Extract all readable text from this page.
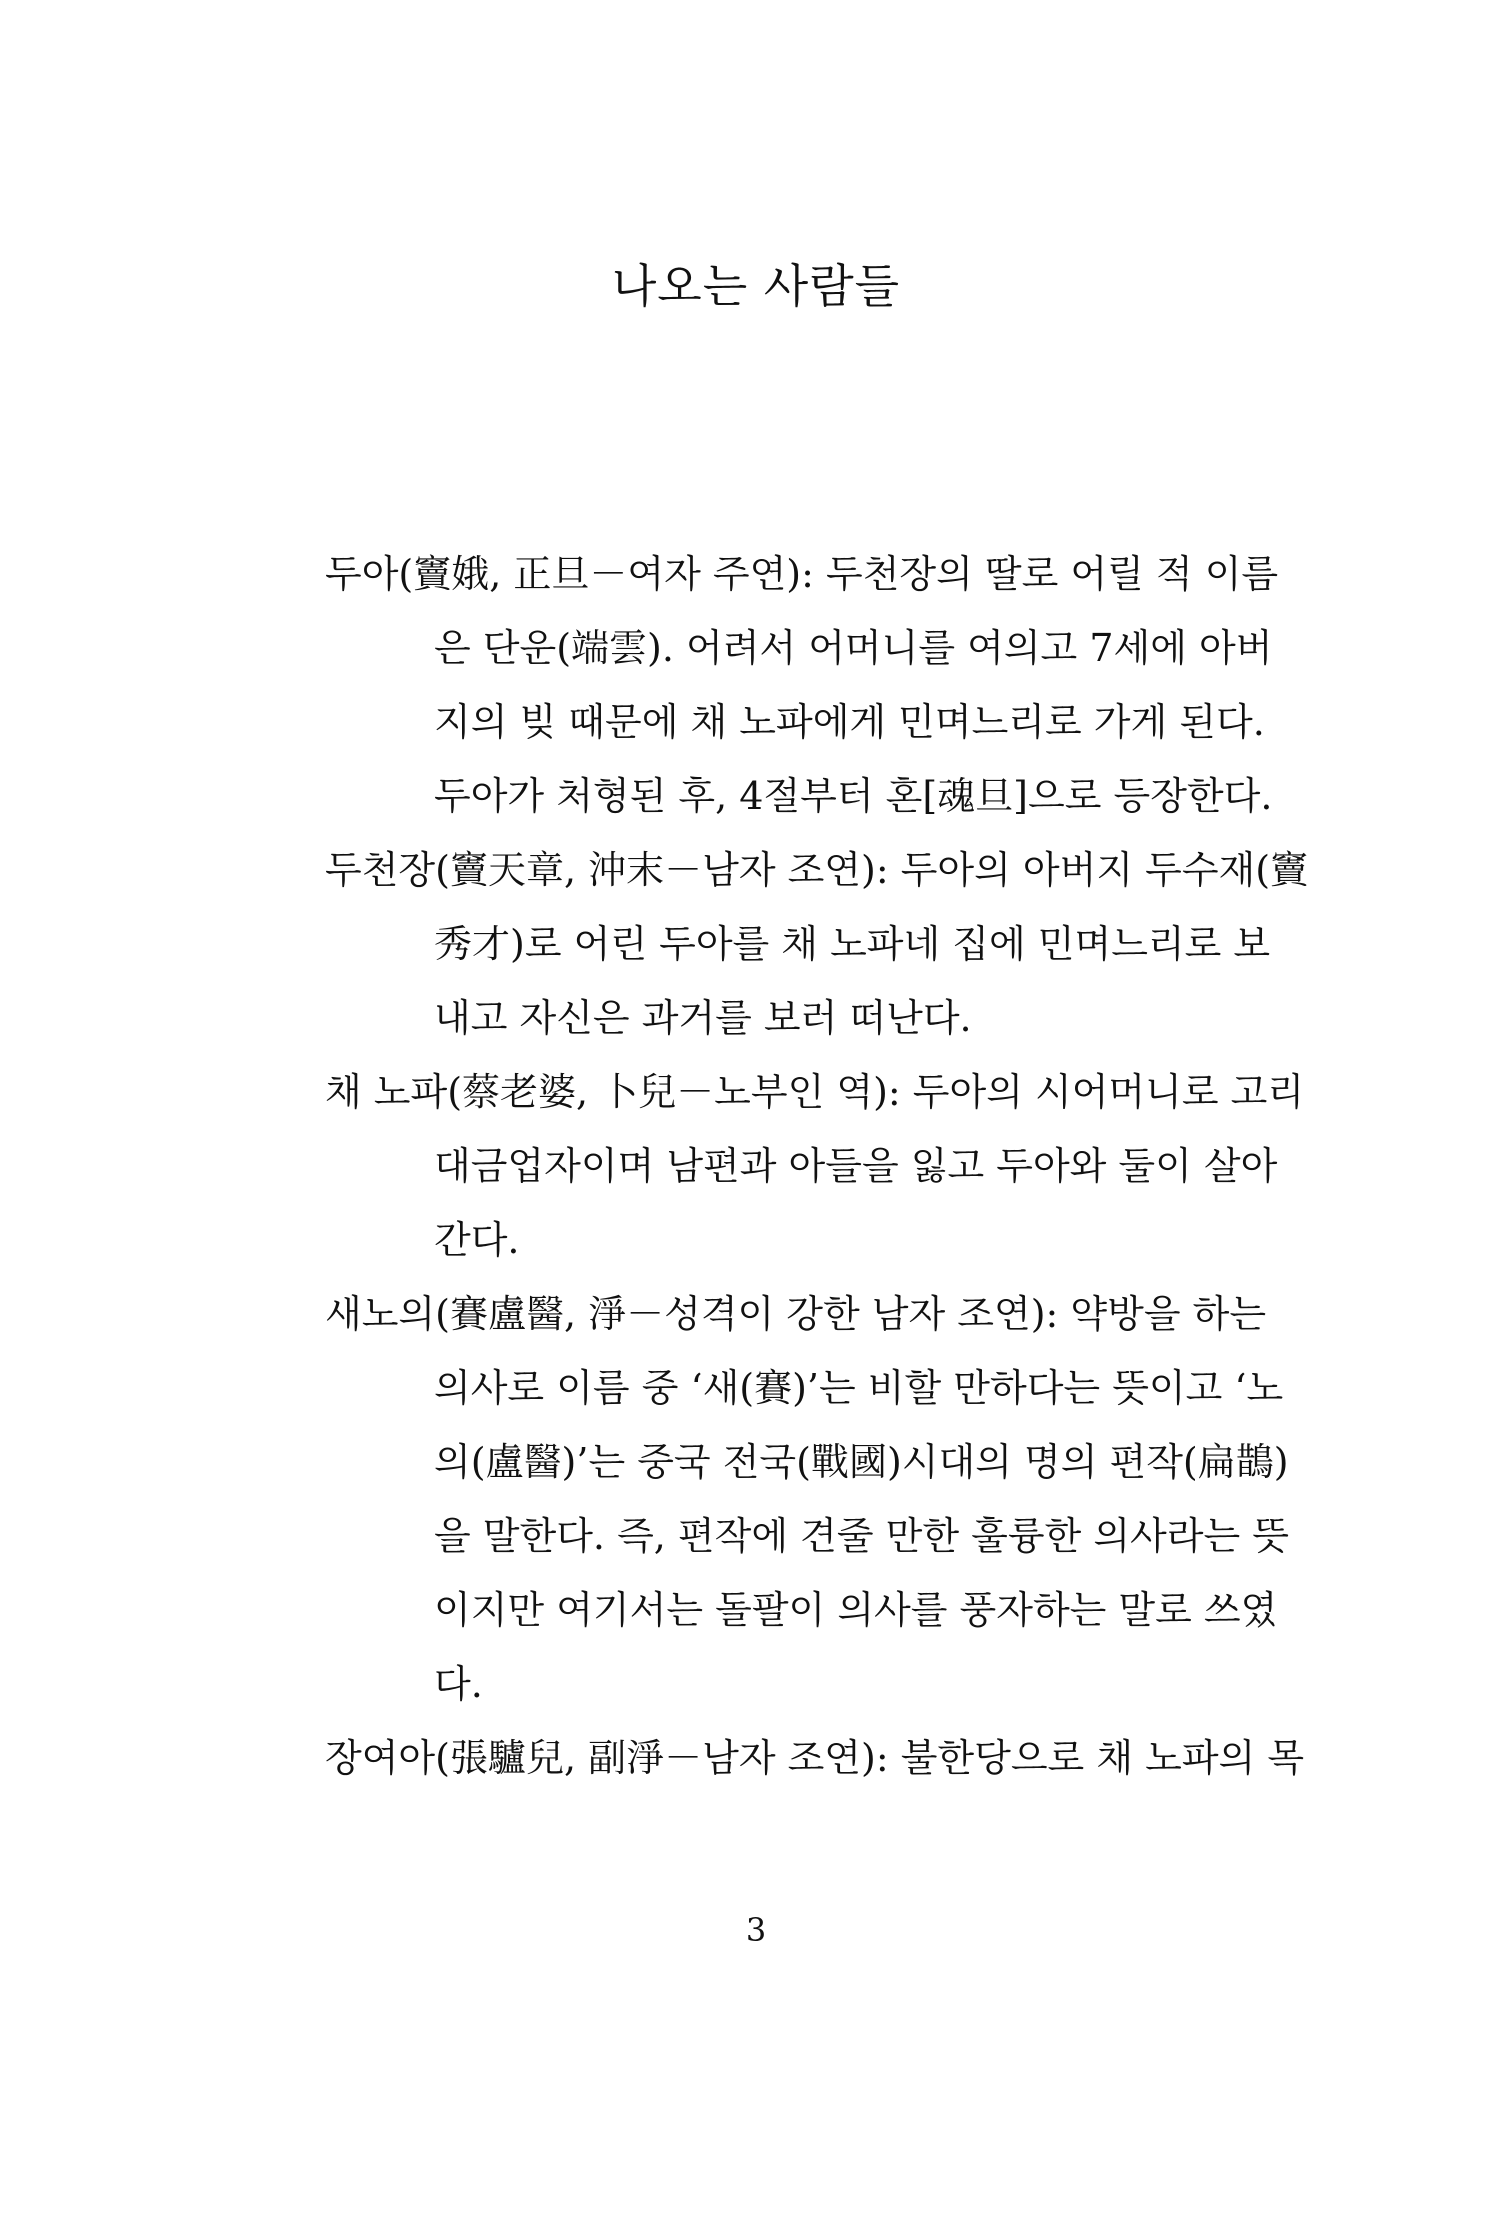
나오는 사람들
두아(竇娥, 正旦－여자 주연): 두천장의 딸로 어릴 적 이름
은 단운(端雲). 어려서 어머니를 여의고 7세에 아버
지의 빚 때문에 채 노파에게 민며느리로 가게 된다.
두아가 처형된 후, 4절부터 혼[魂旦]으로 등장한다.
두천장(竇天章, 沖末－남자 조연): 두아의 아버지 두수재(竇
秀才)로 어린 두아를 채 노파네 집에 민며느리로 보
내고 자신은 과거를 보러 떠난다.
채 노파(蔡老婆, 卜兒－노부인 역): 두아의 시어머니로 고리
대금업자이며 남편과 아들을 잃고 두아와 둘이 살아
간다.
새노의(賽盧醫, 淨－성격이 강한 남자 조연): 약방을 하는
의사로 이름 중 ‘새(賽)’는 비할 만하다는 뜻이고 ‘노
의(盧醫)’는 중국 전국(戰國)시대의 명의 편작(扁鵲)
을 말한다. 즉, 편작에 견줄 만한 훌륭한 의사라는 뜻
이지만 여기서는 돌팔이 의사를 풍자하는 말로 쓰였
다.
장여아(張驢兒, 副淨－남자 조연): 불한당으로 채 노파의 목
3
